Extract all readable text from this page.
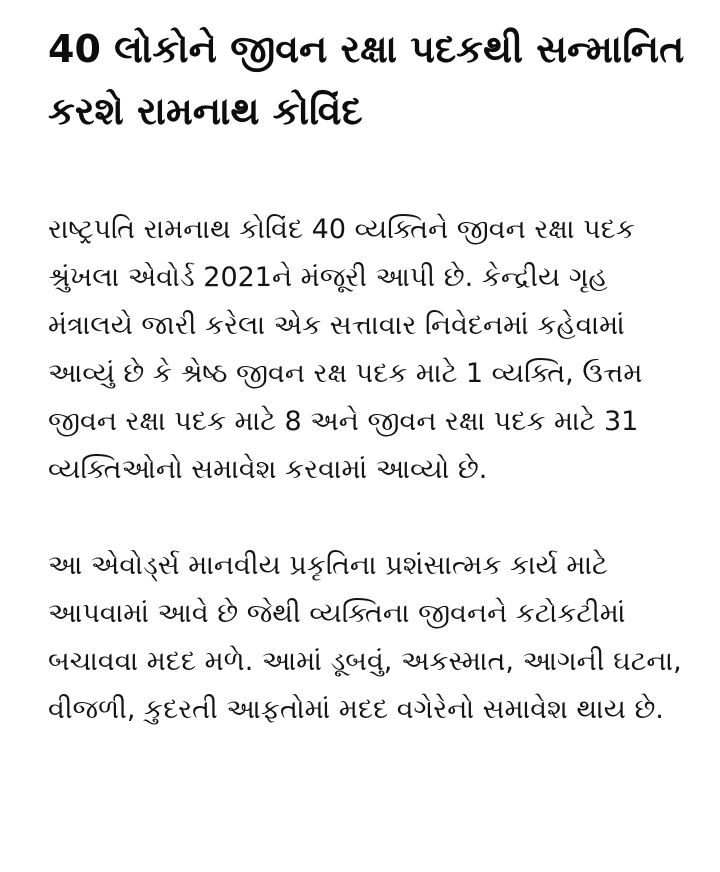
40 લોકોને જીવન રક્ષા પદકથી સન્માનિત કરશે રામનાથ કોવિંદ

રાષ્ટ્રપતિ રામનાથ કોવિંદ 40 વ્યક્તિને જીવન રક્ષા પદક શ્રુંખલા એવોર્ડ 2021ને મંજૂરી આપી છે. કેન્દ્રીય ગૃહ મંત્રાલયે જારી કરેલા એક સત્તાવાર નિવેદનમાં કહેવામાં આવ્યું છે કે શ્રેષ્ઠ જીવન રક્ષ પદક માટે 1 વ્યક્તિ, ઉત્તમ જીવન રક્ષા પદક માટે 8 અને જીવન રક્ષા પદક માટે 31 વ્યક્તિઓનો સમાવેશ કરવામાં આવ્યો છે.

આ એવોર્ડ્સ માનવીય પ્રકૃતિના પ્રશંસાત્મક કાર્ય માટે આપવામાં આવે છે જેથી વ્યક્તિના જીવનને કટોકટીમાં બચાવવા મદદ મળે. આમાં ડૂબવું, અકસ્માત, આગની ઘટના, વીજળી, કુદરતી આફતોમાં મદદ વગેરેનો સમાવેશ થાય છે.
